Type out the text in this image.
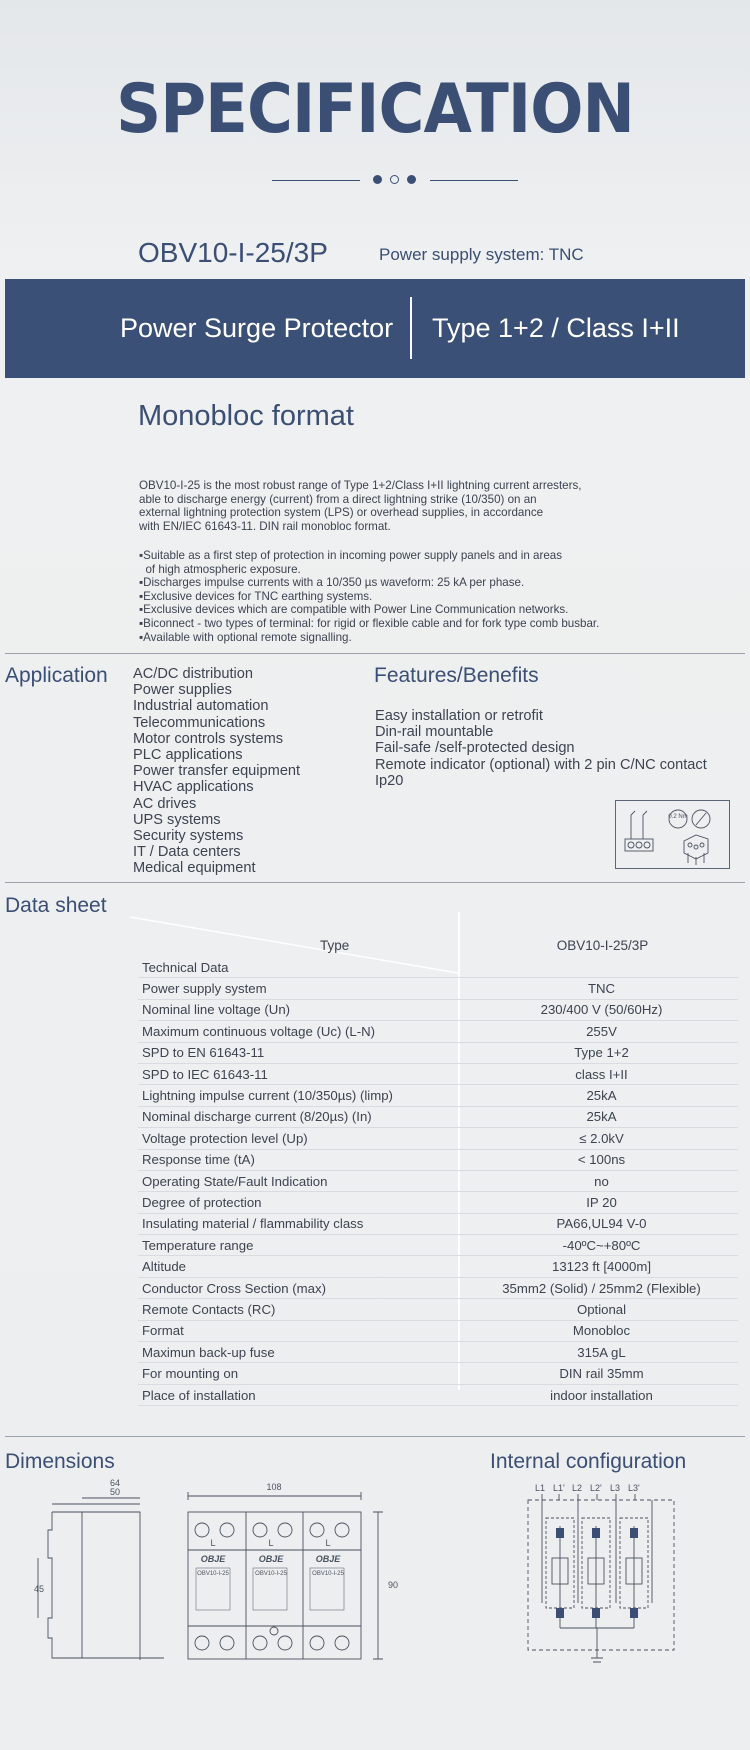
SPECIFICATION
OBV10-I-25/3P	Power supply system: TNC
Power Surge Protector Type 1+2 / Class I+II
Monobloc format
OBV10-I-25 is the most robust range of Type 1+2/Class I+II lightning current arresters,
able to discharge energy (current) from a direct lightning strike (10/350) on an
external lightning protection system (LPS) or overhead supplies, in accordance
with EN/IEC 61643-11. DIN rail monobloc format.
▪Suitable as a first step of protection in incoming power supply panels and in areas
of high atmospheric exposure.
▪Discharges impulse currents with a 10/350 µs waveform: 25 kA per phase.
▪Exclusive devices for TNC earthing systems.
▪Exclusive devices which are compatible with Power Line Communication networks.
▪Biconnect - two types of terminal: for rigid or flexible cable and for fork type comb busbar.
▪Available with optional remote signalling.
Application AC/DC distribution
Power supplies
Industrial automation
Telecommunications
Motor controls systems
PLC applications
Power transfer equipment
HVAC applications
AC drives
UPS systems
Security systems
IT / Data centers
Medical equipment
Features/Benefits
Easy installation or retrofit
Din-rail mountable
Fail-safe /self-protected design
Remote indicator (optional) with 2 pin C/NC contact
Ip20
0.2 Nm
Data sheet
Type	OBV10-I-25/3P
Technical Data	
Power supply system	TNC
Nominal line voltage (Un)	230/400 V (50/60Hz)
Maximum continuous voltage (Uc) (L-N)	255V
SPD to EN 61643-11	Type 1+2
SPD to IEC 61643-11	class I+II
Lightning impulse current (10/350µs) (limp)	25kA
Nominal discharge current (8/20µs) (In)	25kA
Voltage protection level (Up)	≤ 2.0kV
Response time (tA)	< 100ns
Operating State/Fault Indication	no
Degree of protection	IP 20
Insulating material / flammability class	PA66,UL94 V-0
Temperature range	-40ºC~+80ºC
Altitude	13123 ft [4000m]
Conductor Cross Section (max)	35mm2 (Solid) / 25mm2 (Flexible)
Remote Contacts (RC)	Optional
Format	Monobloc
Maximun back-up fuse	315A gL
For mounting on	DIN rail 35mm
Place of installation	indoor installation
Dimensions	Internal configuration
64
50
45
108
90
L	L	L
OBJE	OBJE	OBJE
OBV10-I-25	OBV10-I-25	OBV10-I-25
L1 L1' L2 L2' L3 L3'
